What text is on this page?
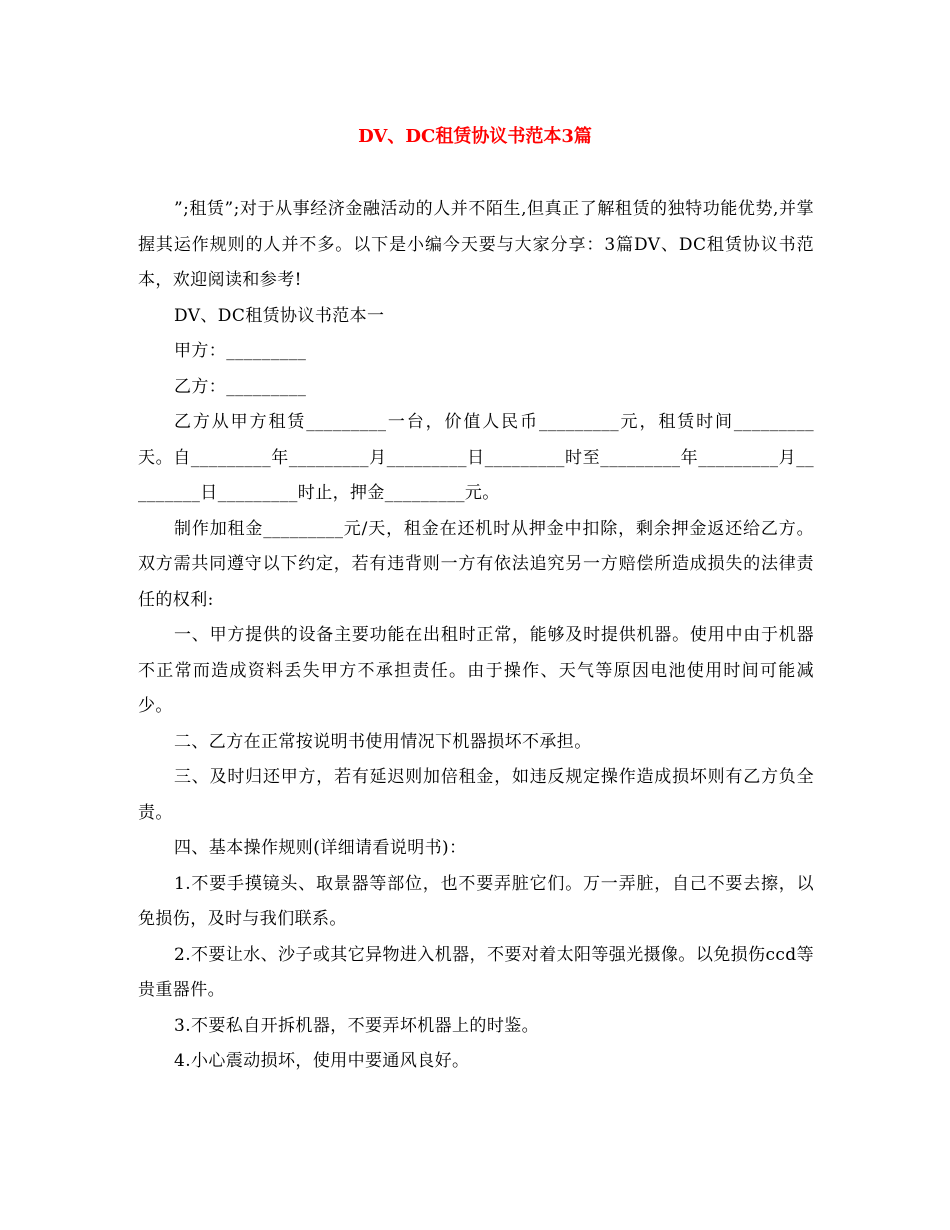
DV、DC租赁协议书范本3篇

”;租赁”;对于从事经济金融活动的人并不陌生,但真正了解租赁的独特功能优势,并掌握其运作规则的人并不多。以下是小编今天要与大家分享：3篇DV、DC租赁协议书范本，欢迎阅读和参考!

DV、DC租赁协议书范本一

甲方：_________

乙方：_________

乙方从甲方租赁_________一台，价值人民币_________元，租赁时间_________天。自_________年_________月_________日_________时至_________年_________月_________日_________时止，押金_________元。

制作加租金_________元/天，租金在还机时从押金中扣除，剩余押金返还给乙方。双方需共同遵守以下约定，若有违背则一方有依法追究另一方赔偿所造成损失的法律责任的权利:

一、甲方提供的设备主要功能在出租时正常，能够及时提供机器。使用中由于机器不正常而造成资料丢失甲方不承担责任。由于操作、天气等原因电池使用时间可能减少。

二、乙方在正常按说明书使用情况下机器损坏不承担。

三、及时归还甲方，若有延迟则加倍租金，如违反规定操作造成损坏则有乙方负全责。

四、基本操作规则(详细请看说明书)：

1.不要手摸镜头、取景器等部位，也不要弄脏它们。万一弄脏，自己不要去擦，以免损伤，及时与我们联系。

2.不要让水、沙子或其它异物进入机器，不要对着太阳等强光摄像。以免损伤ccd等贵重器件。

3.不要私自开拆机器，不要弄坏机器上的时鉴。

4.小心震动损坏，使用中要通风良好。
